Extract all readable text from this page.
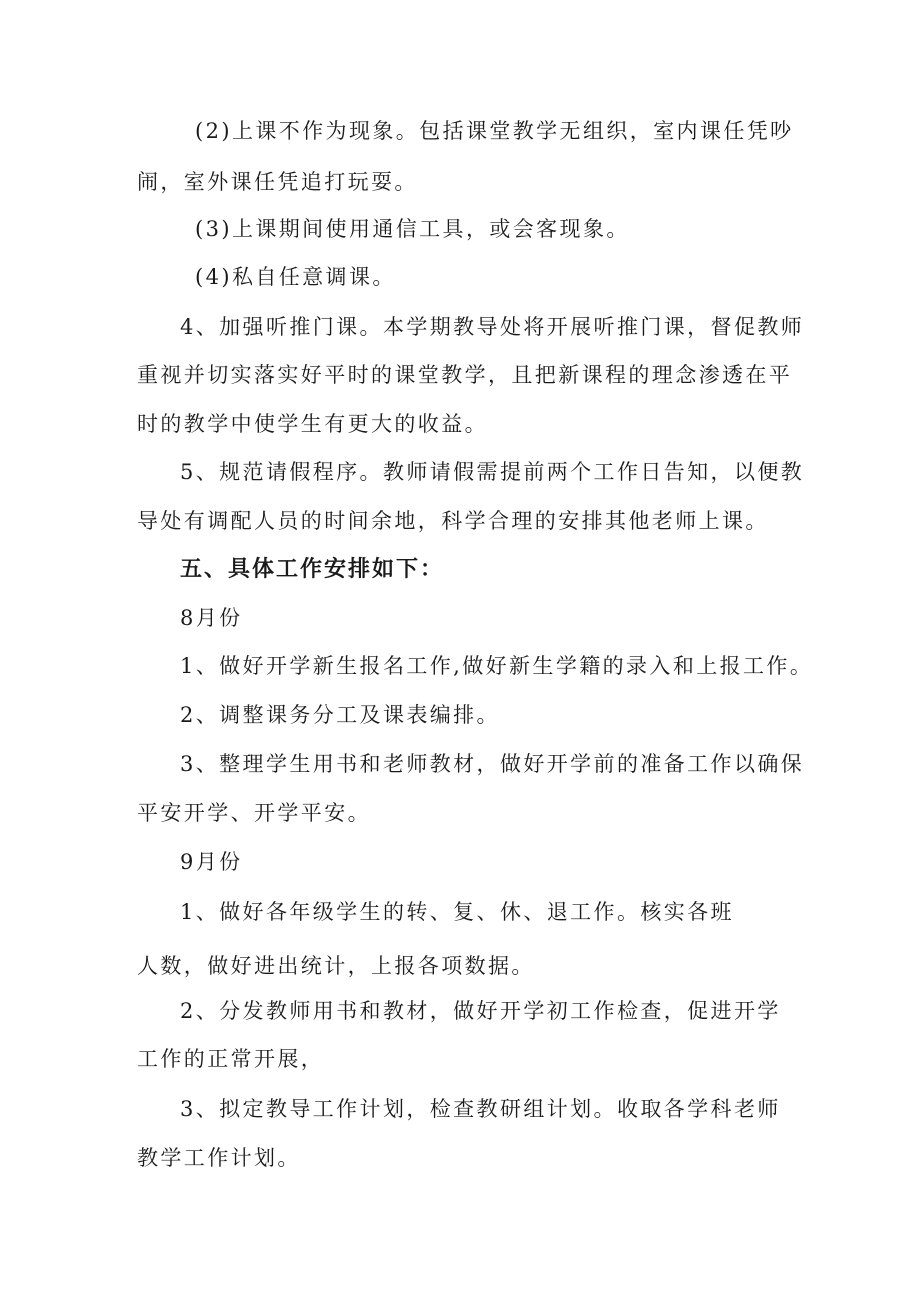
(2)上课不作为现象。包括课堂教学无组织，室内课任凭吵
闹，室外课任凭追打玩耍。
(3)上课期间使用通信工具，或会客现象。
(4)私自任意调课。
4、加强听推门课。本学期教导处将开展听推门课，督促教师
重视并切实落实好平时的课堂教学，且把新课程的理念渗透在平
时的教学中使学生有更大的收益。
5、规范请假程序。教师请假需提前两个工作日告知，以便教
导处有调配人员的时间余地，科学合理的安排其他老师上课。
五、具体工作安排如下：
8月份
1、做好开学新生报名工作,做好新生学籍的录入和上报工作。
2、调整课务分工及课表编排。
3、整理学生用书和老师教材，做好开学前的准备工作以确保
平安开学、开学平安。
9月份
1、做好各年级学生的转、复、休、退工作。核实各班
人数，做好进出统计，上报各项数据。
2、分发教师用书和教材，做好开学初工作检查，促进开学
工作的正常开展，
3、拟定教导工作计划，检查教研组计划。收取各学科老师
教学工作计划。
